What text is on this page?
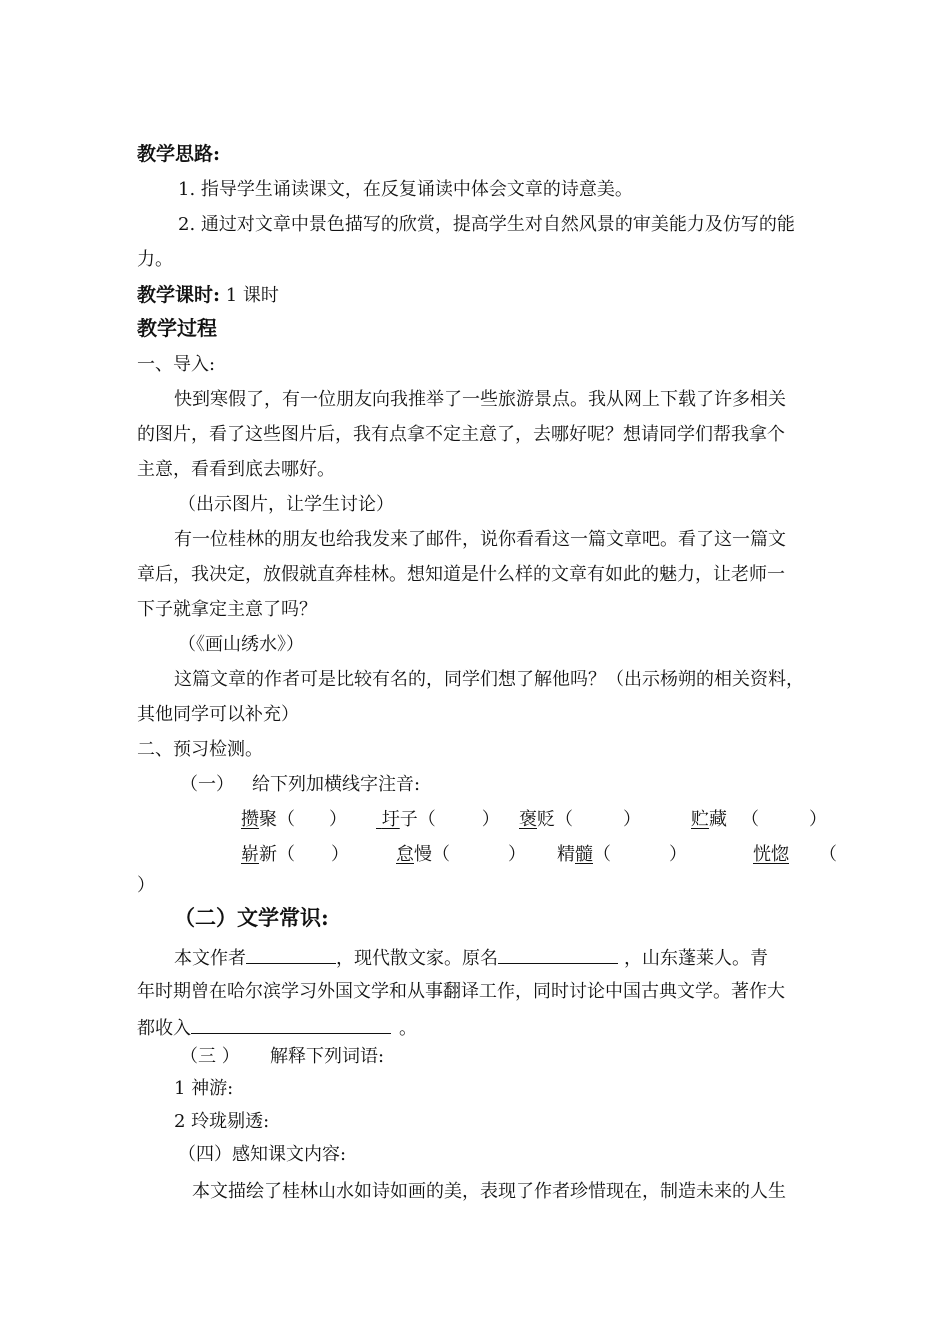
教学思路:
1. 指导学生诵读课文，在反复诵读中体会文章的诗意美。
2. 通过对文章中景色描写的欣赏，提高学生对自然风景的审美能力及仿写的能
力。
教学课时: 1 课时
教学过程
一、导入:
快到寒假了，有一位朋友向我推举了一些旅游景点。我从网上下载了许多相关
的图片，看了这些图片后，我有点拿不定主意了，去哪好呢？想请同学们帮我拿个
主意，看看到底去哪好。
（出示图片，让学生讨论）
有一位桂林的朋友也给我发来了邮件，说你看看这一篇文章吧。看了这一篇文
章后，我决定，放假就直奔桂林。想知道是什么样的文章有如此的魅力，让老师一
下子就拿定主意了吗？
（《画山绣水》）
这篇文章的作者可是比较有名的，同学们想了解他吗？（出示杨朔的相关资料，
其他同学可以补充）
二、预习检测。
（一） 给下列加横线字注音:
攒聚（ ）	圩子（	） 褒贬（	）	贮藏 （	）
崭新（ ）	怠慢（	） 精髓（	）	恍惚 （
）
（二）文学常识:
本文作者	，现代散文家。原名	，山东蓬莱人。青
年时期曾在哈尔滨学习外国文学和从事翻译工作，同时讨论中国古典文学。著作大
都收入	。
（三 ） 解释下列词语:
1 神游:
2 玲珑剔透:
（四）感知课文内容:
本文描绘了桂林山水如诗如画的美，表现了作者珍惜现在，制造未来的人生
